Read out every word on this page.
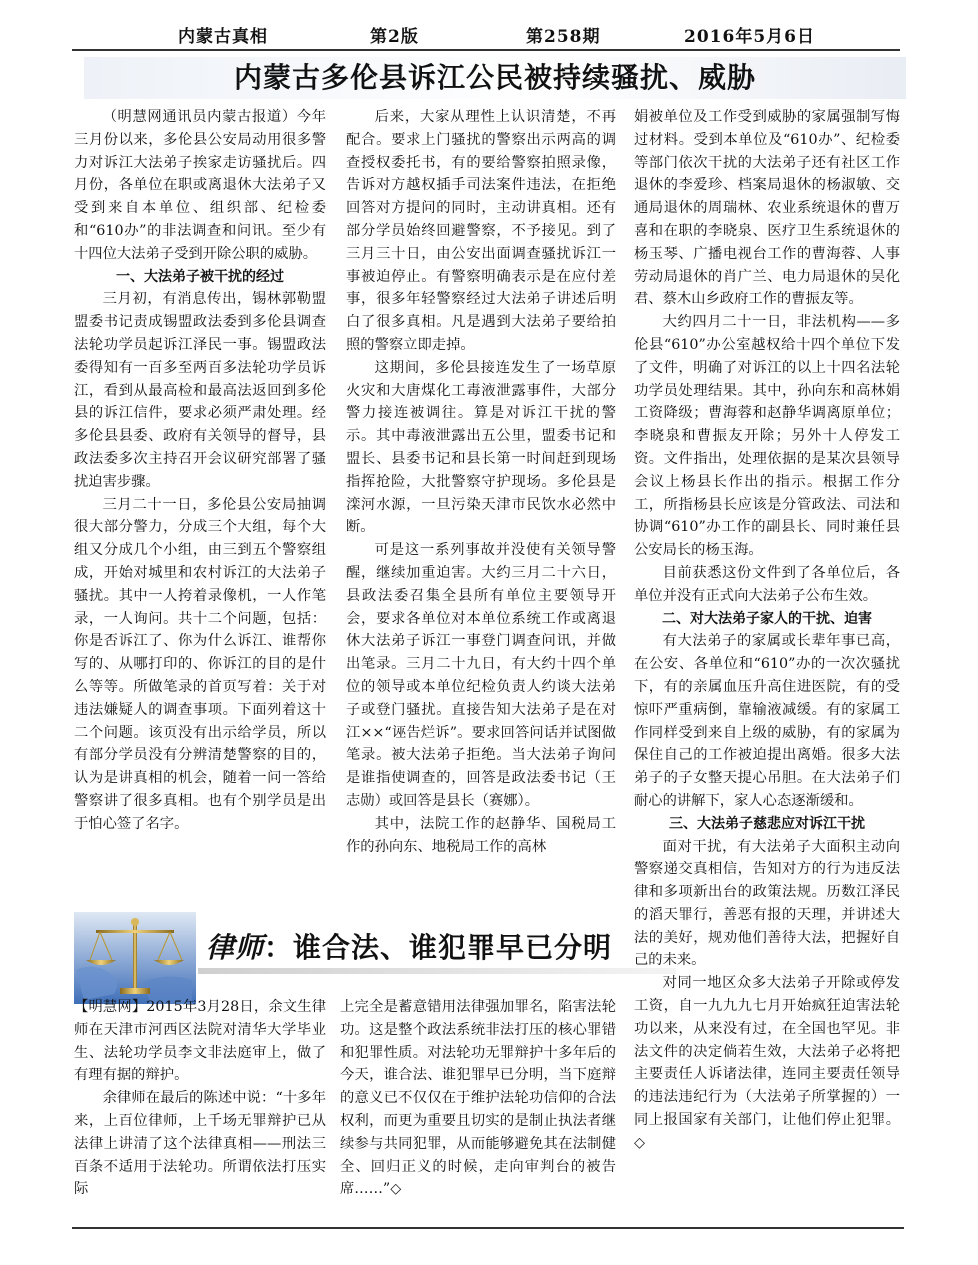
内蒙古真相	第2版	第258期	2016年5月6日
内蒙古多伦县诉江公民被持续骚扰、威胁

（明慧网通讯员内蒙古报道）今年三月份以来，多伦县公安局动用很多警力对诉江大法弟子挨家走访骚扰后。四月份，各单位在职或离退休大法弟子又受到来自本单位、组织部、纪检委和“610办”的非法调查和问讯。至少有十四位大法弟子受到开除公职的威胁。

一、大法弟子被干扰的经过

三月初，有消息传出，锡林郭勒盟盟委书记责成锡盟政法委到多伦县调查法轮功学员起诉江泽民一事。锡盟政法委得知有一百多至两百多法轮功学员诉江，看到从最高检和最高法返回到多伦县的诉江信件，要求必须严肃处理。经多伦县县委、政府有关领导的督导，县政法委多次主持召开会议研究部署了骚扰迫害步骤。

三月二十一日，多伦县公安局抽调很大部分警力，分成三个大组，每个大组又分成几个小组，由三到五个警察组成，开始对城里和农村诉江的大法弟子骚扰。其中一人挎着录像机，一人作笔录，一人询问。共十二个问题，包括：你是否诉江了、你为什么诉江、谁帮你写的、从哪打印的、你诉江的目的是什么等等。所做笔录的首页写着：关于对违法嫌疑人的调查事项。下面列着这十二个问题。该页没有出示给学员，所以有部分学员没有分辨清楚警察的目的，认为是讲真相的机会，随着一问一答给警察讲了很多真相。也有个别学员是出于怕心签了名字。

后来，大家从理性上认识清楚，不再配合。要求上门骚扰的警察出示两高的调查授权委托书，有的要给警察拍照录像，告诉对方越权插手司法案件违法，在拒绝回答对方提问的同时，主动讲真相。还有部分学员始终回避警察，不予接见。到了三月三十日，由公安出面调查骚扰诉江一事被迫停止。有警察明确表示是在应付差事，很多年轻警察经过大法弟子讲述后明白了很多真相。凡是遇到大法弟子要给拍照的警察立即走掉。

这期间，多伦县接连发生了一场草原火灾和大唐煤化工毒液泄露事件，大部分警力接连被调往。算是对诉江干扰的警示。其中毒液泄露出五公里，盟委书记和盟长、县委书记和县长第一时间赶到现场指挥抢险，大批警察守护现场。多伦县是滦河水源，一旦污染天津市民饮水必然中断。

可是这一系列事故并没使有关领导警醒，继续加重迫害。大约三月二十六日，县政法委召集全县所有单位主要领导开会，要求各单位对本单位系统工作或离退休大法弟子诉江一事登门调查问讯，并做出笔录。三月二十九日，有大约十四个单位的领导或本单位纪检负责人约谈大法弟子或登门骚扰。直接告知大法弟子是在对江××“诬告烂诉”。要求回答问话并试图做笔录。被大法弟子拒绝。当大法弟子询问是谁指使调查的，回答是政法委书记（王志勋）或回答是县长（赛娜）。

其中，法院工作的赵静华、国税局工作的孙向东、地税局工作的高林

娟被单位及工作受到威胁的家属强制写悔过材料。受到本单位及“610办”、纪检委等部门依次干扰的大法弟子还有社区工作退休的李爱珍、档案局退休的杨淑敏、交通局退休的周瑞林、农业系统退休的曹万喜和在职的李晓泉、医疗卫生系统退休的杨玉琴、广播电视台工作的曹海蓉、人事劳动局退休的肖广兰、电力局退休的吴化君、蔡木山乡政府工作的曹振友等。

大约四月二十一日，非法机构——多伦县“610”办公室越权给十四个单位下发了文件，明确了对诉江的以上十四名法轮功学员处理结果。其中，孙向东和高林娟工资降级；曹海蓉和赵静华调离原单位；李晓泉和曹振友开除；另外十人停发工资。文件指出，处理依据的是某次县领导会议上杨县长作出的指示。根据工作分工，所指杨县长应该是分管政法、司法和协调“610”办工作的副县长、同时兼任县公安局长的杨玉海。

目前获悉这份文件到了各单位后，各单位并没有正式向大法弟子公布生效。

二、对大法弟子家人的干扰、迫害

有大法弟子的家属或长辈年事已高，在公安、各单位和“610”办的一次次骚扰下，有的亲属血压升高住进医院，有的受惊吓严重病倒，靠输液减缓。有的家属工作同样受到来自上级的威胁，有的家属为保住自己的工作被迫提出离婚。很多大法弟子的子女整天提心吊胆。在大法弟子们耐心的讲解下，家人心态逐渐缓和。

三、大法弟子慈悲应对诉江干扰

面对干扰，有大法弟子大面积主动向警察递交真相信，告知对方的行为违反法律和多项新出台的政策法规。历数江泽民的滔天罪行，善恶有报的天理，并讲述大法的美好，规劝他们善待大法，把握好自己的未来。

对同一地区众多大法弟子开除或停发工资，自一九九九七月开始疯狂迫害法轮功以来，从来没有过，在全国也罕见。非法文件的决定倘若生效，大法弟子必将把主要责任人诉诸法律，连同主要责任领导的违法违纪行为（大法弟子所掌握的）一同上报国家有关部门，让他们停止犯罪。◇

律师：谁合法、谁犯罪早已分明

【明慧网】2015年3月28日，余文生律师在天津市河西区法院对清华大学毕业生、法轮功学员李文非法庭审上，做了有理有据的辩护。

余律师在最后的陈述中说：“十多年来，上百位律师，上千场无罪辩护已从法律上讲清了这个法律真相——刑法三百条不适用于法轮功。所谓依法打压实际

上完全是蓄意错用法律强加罪名，陷害法轮功。这是整个政法系统非法打压的核心罪错和犯罪性质。对法轮功无罪辩护十多年后的今天，谁合法、谁犯罪早已分明，当下庭辩的意义已不仅仅在于维护法轮功信仰的合法权利，而更为重要且切实的是制止执法者继续参与共同犯罪，从而能够避免其在法制健全、回归正义的时候，走向审判台的被告席……”◇
